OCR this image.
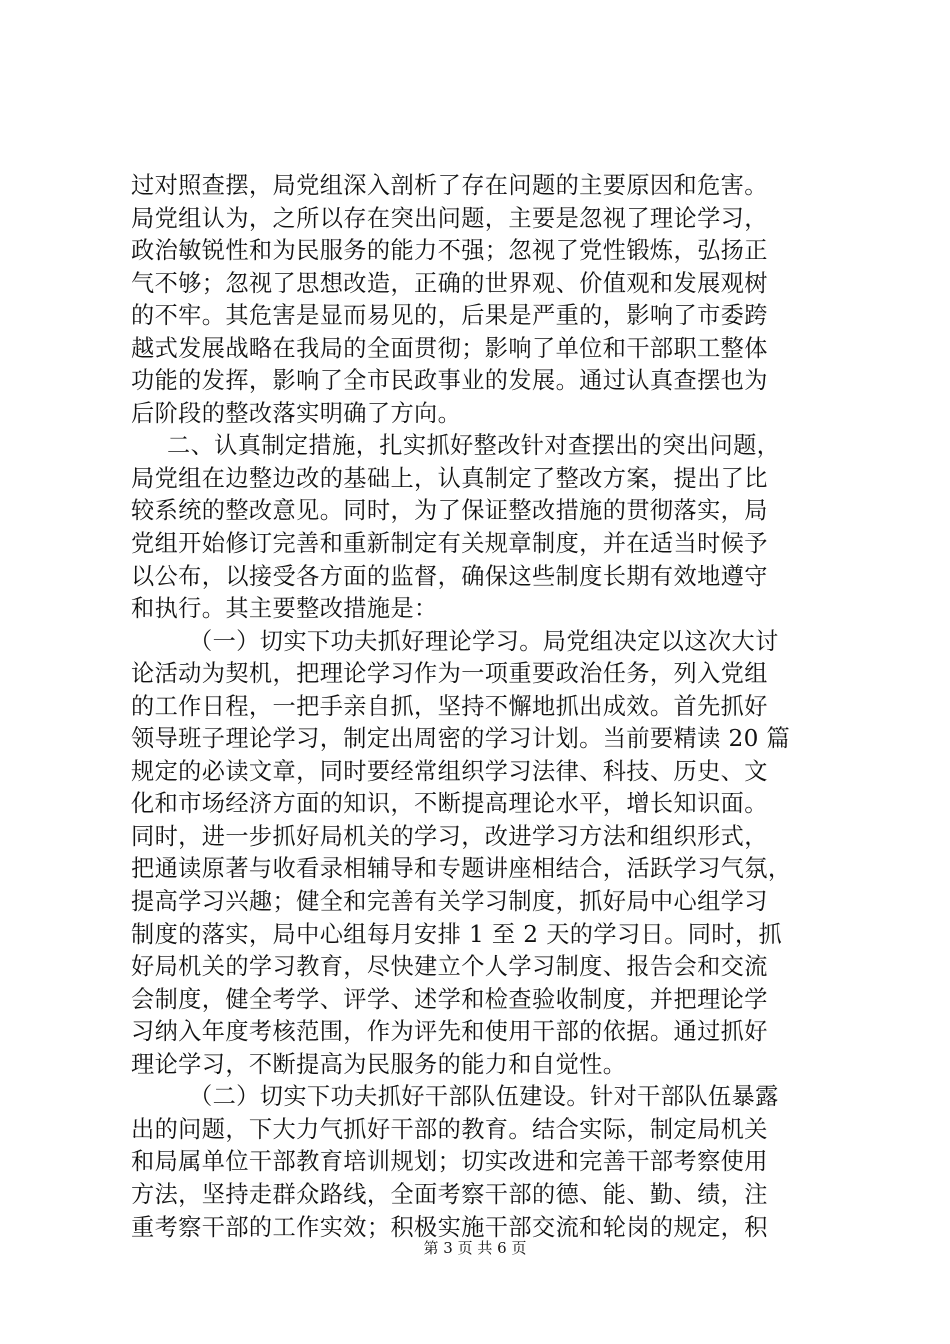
过对照查摆，局党组深入剖析了存在问题的主要原因和危害。
局党组认为，之所以存在突出问题，主要是忽视了理论学习，
政治敏锐性和为民服务的能力不强；忽视了党性锻炼，弘扬正
气不够；忽视了思想改造，正确的世界观、价值观和发展观树
的不牢。其危害是显而易见的，后果是严重的，影响了市委跨
越式发展战略在我局的全面贯彻；影响了单位和干部职工整体
功能的发挥，影响了全市民政事业的发展。通过认真查摆也为
后阶段的整改落实明确了方向。
二、认真制定措施，扎实抓好整改针对查摆出的突出问题，
局党组在边整边改的基础上，认真制定了整改方案，提出了比
较系统的整改意见。同时，为了保证整改措施的贯彻落实，局
党组开始修订完善和重新制定有关规章制度，并在适当时候予
以公布，以接受各方面的监督，确保这些制度长期有效地遵守
和执行。其主要整改措施是：
（一）切实下功夫抓好理论学习。局党组决定以这次大讨
论活动为契机，把理论学习作为一项重要政治任务，列入党组
的工作日程，一把手亲自抓，坚持不懈地抓出成效。首先抓好
领导班子理论学习，制定出周密的学习计划。当前要精读 20 篇
规定的必读文章，同时要经常组织学习法律、科技、历史、文
化和市场经济方面的知识，不断提高理论水平，增长知识面。
同时，进一步抓好局机关的学习，改进学习方法和组织形式，
把通读原著与收看录相辅导和专题讲座相结合，活跃学习气氛，
提高学习兴趣；健全和完善有关学习制度，抓好局中心组学习
制度的落实，局中心组每月安排 1 至 2 天的学习日。同时，抓
好局机关的学习教育，尽快建立个人学习制度、报告会和交流
会制度，健全考学、评学、述学和检查验收制度，并把理论学
习纳入年度考核范围，作为评先和使用干部的依据。通过抓好
理论学习，不断提高为民服务的能力和自觉性。
（二）切实下功夫抓好干部队伍建设。针对干部队伍暴露
出的问题，下大力气抓好干部的教育。结合实际，制定局机关
和局属单位干部教育培训规划；切实改进和完善干部考察使用
方法，坚持走群众路线，全面考察干部的德、能、勤、绩，注
重考察干部的工作实效；积极实施干部交流和轮岗的规定，积
第 3 页 共 6 页
